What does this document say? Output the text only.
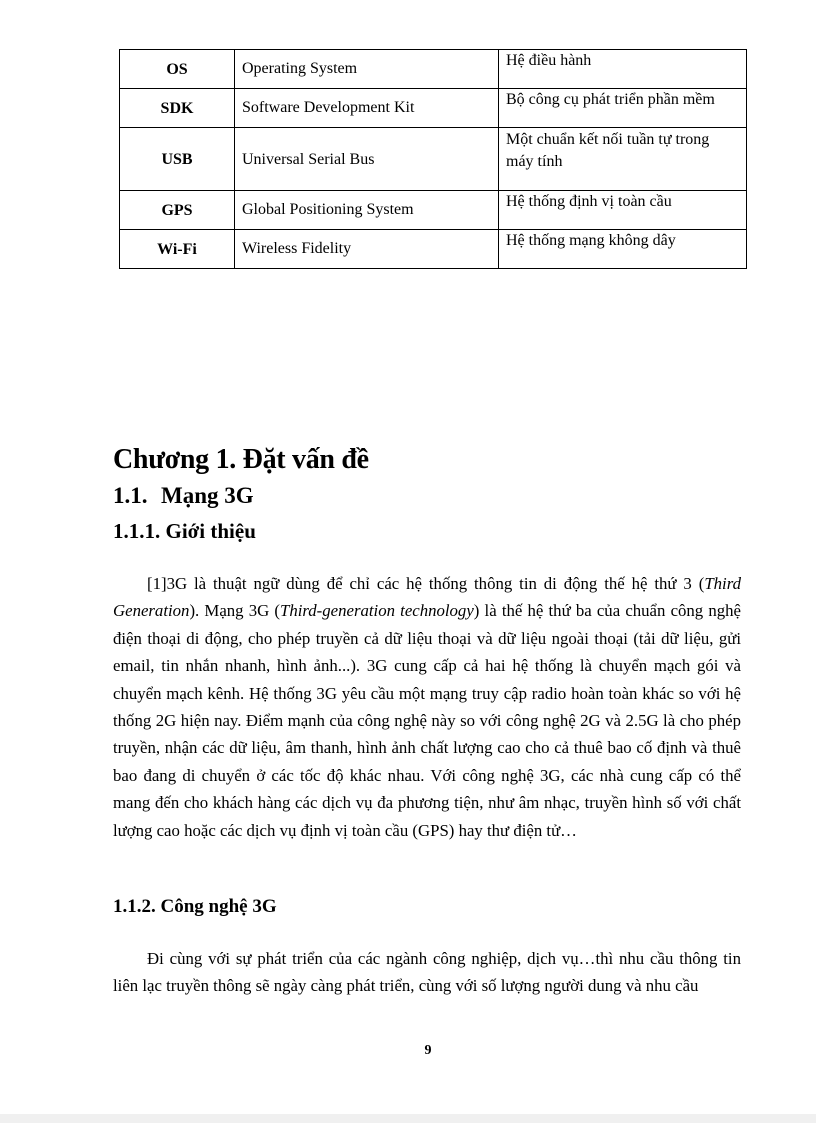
OS	Operating System	Hệ điều hành
SDK	Software Development Kit	Bộ công cụ phát triển phần mềm
USB	Universal Serial Bus	Một chuẩn kết nối tuần tự trong máy tính
GPS	Global Positioning System	Hệ thống định vị toàn cầu
Wi-Fi	Wireless Fidelity	Hệ thống mạng không dây
Chương 1. Đặt vấn đề
1.1. Mạng 3G
1.1.1. Giới thiệu

[1]3G là thuật ngữ dùng để chỉ các hệ thống thông tin di động thế hệ thứ 3 (Third Generation). Mạng 3G (Third-generation technology) là thế hệ thứ ba của chuẩn công nghệ điện thoại di động, cho phép truyền cả dữ liệu thoại và dữ liệu ngoài thoại (tải dữ liệu, gửi email, tin nhắn nhanh, hình ảnh...). 3G cung cấp cả hai hệ thống là chuyển mạch gói và chuyển mạch kênh. Hệ thống 3G yêu cầu một mạng truy cập radio hoàn toàn khác so với hệ thống 2G hiện nay. Điểm mạnh của công nghệ này so với công nghệ 2G và 2.5G là cho phép truyền, nhận các dữ liệu, âm thanh, hình ảnh chất lượng cao cho cả thuê bao cố định và thuê bao đang di chuyển ở các tốc độ khác nhau. Với công nghệ 3G, các nhà cung cấp có thể mang đến cho khách hàng các dịch vụ đa phương tiện, như âm nhạc, truyền hình số với chất lượng cao hoặc các dịch vụ định vị toàn cầu (GPS) hay thư điện tử…

1.1.2. Công nghệ 3G

Đi cùng với sự phát triển của các ngành công nghiệp, dịch vụ…thì nhu cầu thông tin liên lạc truyền thông sẽ ngày càng phát triển, cùng với số lượng người dung và nhu cầu

9
